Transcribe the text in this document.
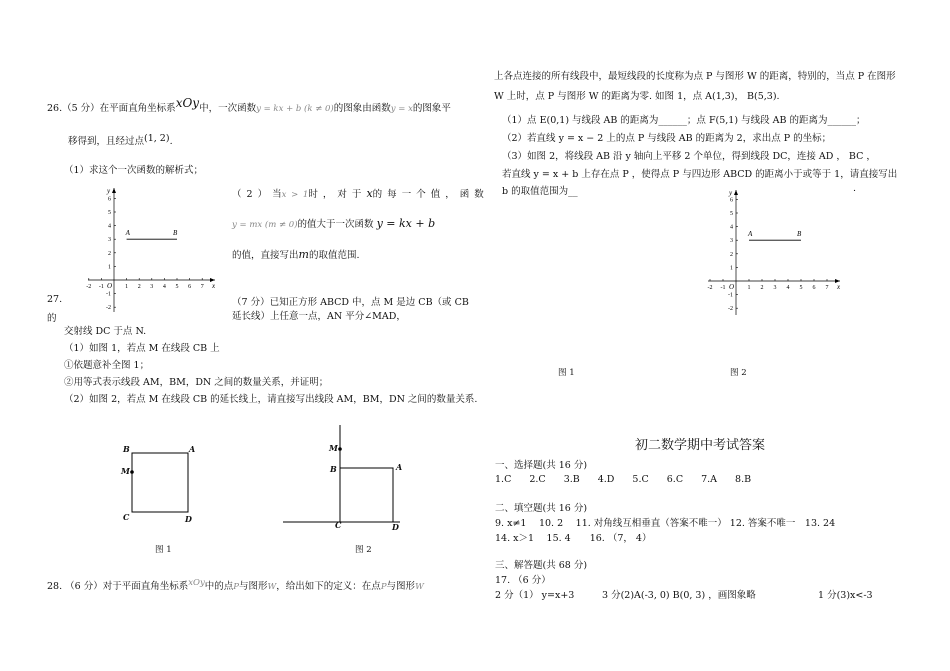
26.（5 分）在平面直角坐标系xOy中，一次函数y = kx + b (k ≠ 0)的图象由函数y = x的图象平
移得到，且经过点(1, 2).
（1）求这个一次函数的解析式；
（ 2 ） 当x > 1时 ， 对 于 x的 每 一 个 值 ， 函 数
y = mx (m ≠ 0)的值大于一次函数 y = kx + b
的值，直接写出m的取值范围.
-2 -1	1 2 3 4 5 6 7
-2
-1
1
2
3
4
5
6
O	x
y
A	B
-2 -1	1 2 3 4 5 6 7
-2
-1
1
2
3
4
5
6
O	x
y
A	B
27.
的
（7 分）已知正方形 ABCD 中，点 M 是边 CB（或 CB
延长线）上任意一点，AN 平分∠MAD，
交射线 DC 于点 N.
（1）如图 1，若点 M 在线段 CB 上
①依题意补全图 1；
②用等式表示线段 AM，BM，DN 之间的数量关系，并证明；
（2）如图 2，若点 M 在线段 CB 的延长线上，请直接写出线段 AM，BM，DN 之间的数量关系.
B	A
M
C	D
图 1
M
B	A
C	D
图 2
28. （6 分）对于平面直角坐标系xOy中的点P与图形W，给出如下的定义：在点P与图形W
上各点连接的所有线段中，最短线段的长度称为点 P 与图形 W 的距离，特别的，当点 P 在图形
W 上时，点 P 与图形 W 的距离为零. 如图 1，点 A(1,3)， B(5,3).
（1）点 E(0,1) 与线段 AB 的距离为______；点 F(5,1) 与线段 AB 的距离为______；
（2）若直线 y = x − 2 上的点 P 与线段 AB 的距离为 2，求出点 P 的坐标；
（3）如图 2，将线段 AB 沿 y 轴向上平移 2 个单位，得到线段 DC，连接 AD ， BC ，
若直线 y = x + b 上存在点 P ，使得点 P 与四边形 ABCD 的距离小于或等于 1，请直接写出
b 的取值范围为__	.
图 1	图 2
初二数学期中考试答案
一、选择题(共 16 分)
1.C 2.C 3.B 4.D 5.C 6.C 7.A 8.B
二、填空题(共 16 分)
9. x≠1　 10. 2　 11. 对角线互相垂直（答案不唯一） 12. 答案不唯一　13. 24
14. x＞1　 15. 4　　16. （7， 4）
三、解答题(共 68 分)
17. （6 分）
2 分（1） y=x+3	3 分(2)A(-3, 0) B(0, 3) ，画图象略	1 分(3)x<-3
